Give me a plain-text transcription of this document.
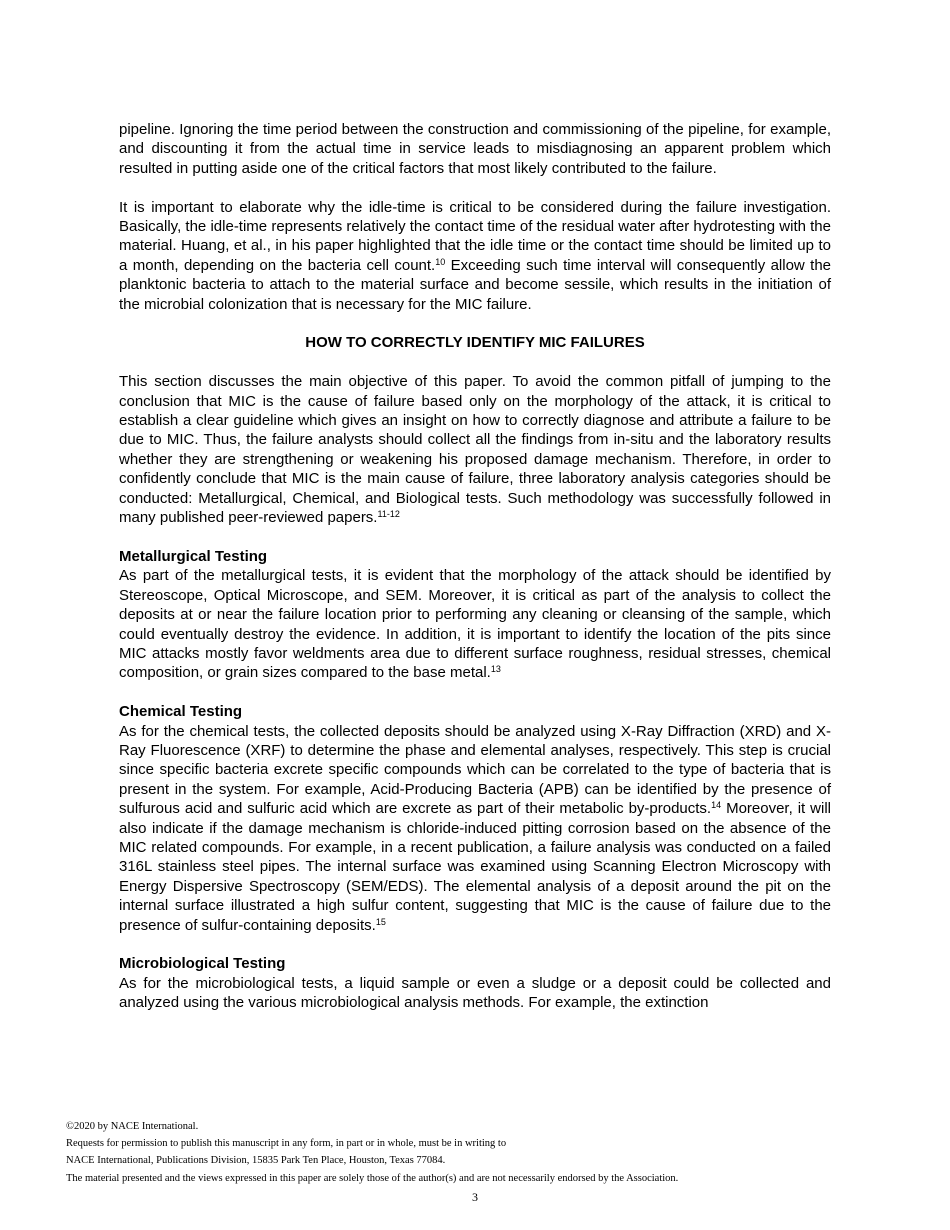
pipeline. Ignoring the time period between the construction and commissioning of the pipeline, for example, and discounting it from the actual time in service leads to misdiagnosing an apparent problem which resulted in putting aside one of the critical factors that most likely contributed to the failure.

It is important to elaborate why the idle-time is critical to be considered during the failure investigation. Basically, the idle-time represents relatively the contact time of the residual water after hydrotesting with the material. Huang, et al., in his paper highlighted that the idle time or the contact time should be limited up to a month, depending on the bacteria cell count.$^{10}$ Exceeding such time interval will consequently allow the planktonic bacteria to attach to the material surface and become sessile, which results in the initiation of the microbial colonization that is necessary for the MIC failure.

HOW TO CORRECTLY IDENTIFY MIC FAILURES

This section discusses the main objective of this paper. To avoid the common pitfall of jumping to the conclusion that MIC is the cause of failure based only on the morphology of the attack, it is critical to establish a clear guideline which gives an insight on how to correctly diagnose and attribute a failure to be due to MIC. Thus, the failure analysts should collect all the findings from in-situ and the laboratory results whether they are strengthening or weakening his proposed damage mechanism. Therefore, in order to confidently conclude that MIC is the main cause of failure, three laboratory analysis categories should be conducted: Metallurgical, Chemical, and Biological tests. Such methodology was successfully followed in many published peer-reviewed papers.$^{11-12}$

Metallurgical Testing

As part of the metallurgical tests, it is evident that the morphology of the attack should be identified by Stereoscope, Optical Microscope, and SEM. Moreover, it is critical as part of the analysis to collect the deposits at or near the failure location prior to performing any cleaning or cleansing of the sample, which could eventually destroy the evidence. In addition, it is important to identify the location of the pits since MIC attacks mostly favor weldments area due to different surface roughness, residual stresses, chemical composition, or grain sizes compared to the base metal.$^{13}$

Chemical Testing

As for the chemical tests, the collected deposits should be analyzed using X-Ray Diffraction (XRD) and X-Ray Fluorescence (XRF) to determine the phase and elemental analyses, respectively. This step is crucial since specific bacteria excrete specific compounds which can be correlated to the type of bacteria that is present in the system. For example, Acid-Producing Bacteria (APB) can be identified by the presence of sulfurous acid and sulfuric acid which are excrete as part of their metabolic by-products.$^{14}$ Moreover, it will also indicate if the damage mechanism is chloride-induced pitting corrosion based on the absence of the MIC related compounds. For example, in a recent publication, a failure analysis was conducted on a failed 316L stainless steel pipes. The internal surface was examined using Scanning Electron Microscopy with Energy Dispersive Spectroscopy (SEM/EDS). The elemental analysis of a deposit around the pit on the internal surface illustrated a high sulfur content, suggesting that MIC is the cause of failure due to the presence of sulfur-containing deposits.$^{15}$

Microbiological Testing

As for the microbiological tests, a liquid sample or even a sludge or a deposit could be collected and analyzed using the various microbiological analysis methods. For example, the extinction

©2020 by NACE International.
Requests for permission to publish this manuscript in any form, in part or in whole, must be in writing to
NACE International, Publications Division, 15835 Park Ten Place, Houston, Texas 77084.
The material presented and the views expressed in this paper are solely those of the author(s) and are not necessarily endorsed by the Association.
3
